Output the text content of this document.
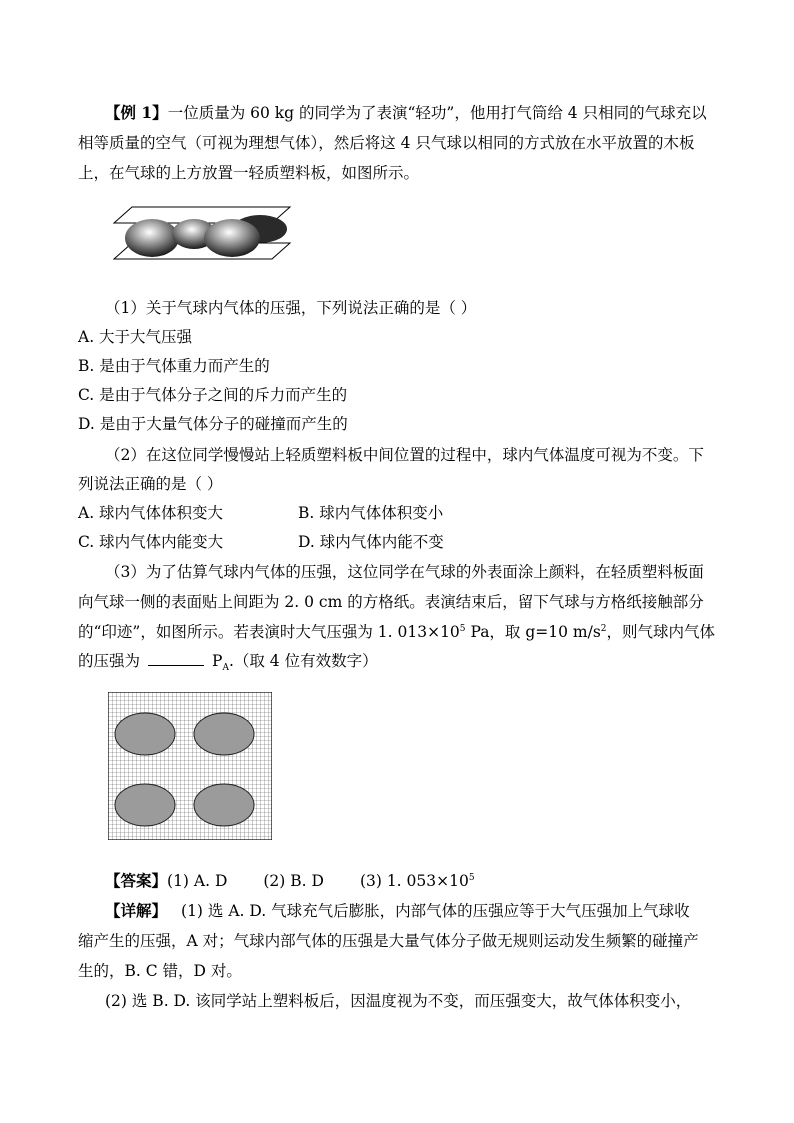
【例 1】一位质量为 60 kg 的同学为了表演“轻功”，他用打气筒给 4 只相同的气球充以
相等质量的空气（可视为理想气体），然后将这 4 只气球以相同的方式放在水平放置的木板
上，在气球的上方放置一轻质塑料板，如图所示。
（1）关于气球内气体的压强，下列说法正确的是（ ）
A. 大于大气压强
B. 是由于气体重力而产生的
C. 是由于气体分子之间的斥力而产生的
D. 是由于大量气体分子的碰撞而产生的
（2）在这位同学慢慢站上轻质塑料板中间位置的过程中，球内气体温度可视为不变。下
列说法正确的是（ ）
A. 球内气体体积变大	B. 球内气体体积变小
C. 球内气体内能变大	D. 球内气体内能不变
（3）为了估算气球内气体的压强，这位同学在气球的外表面涂上颜料，在轻质塑料板面
向气球一侧的表面贴上间距为 2. 0 cm 的方格纸。表演结束后，留下气球与方格纸接触部分
的“印迹”，如图所示。若表演时大气压强为 1. $013\times 10^5$ Pa，取 g=10 $m/s^2$，则气球内气体
的压强为	$P_A$.（取 4 位有效数字）
【答案】(1) A. D (2) B. D (3) 1. $053\times 10^5$
【详解】 (1) 选 A. D. 气球充气后膨胀，内部气体的压强应等于大气压强加上气球收
缩产生的压强，A 对；气球内部气体的压强是大量气体分子做无规则运动发生频繁的碰撞产
生的，B. C 错，D 对。
(2) 选 B. D. 该同学站上塑料板后，因温度视为不变，而压强变大，故气体体积变小，
